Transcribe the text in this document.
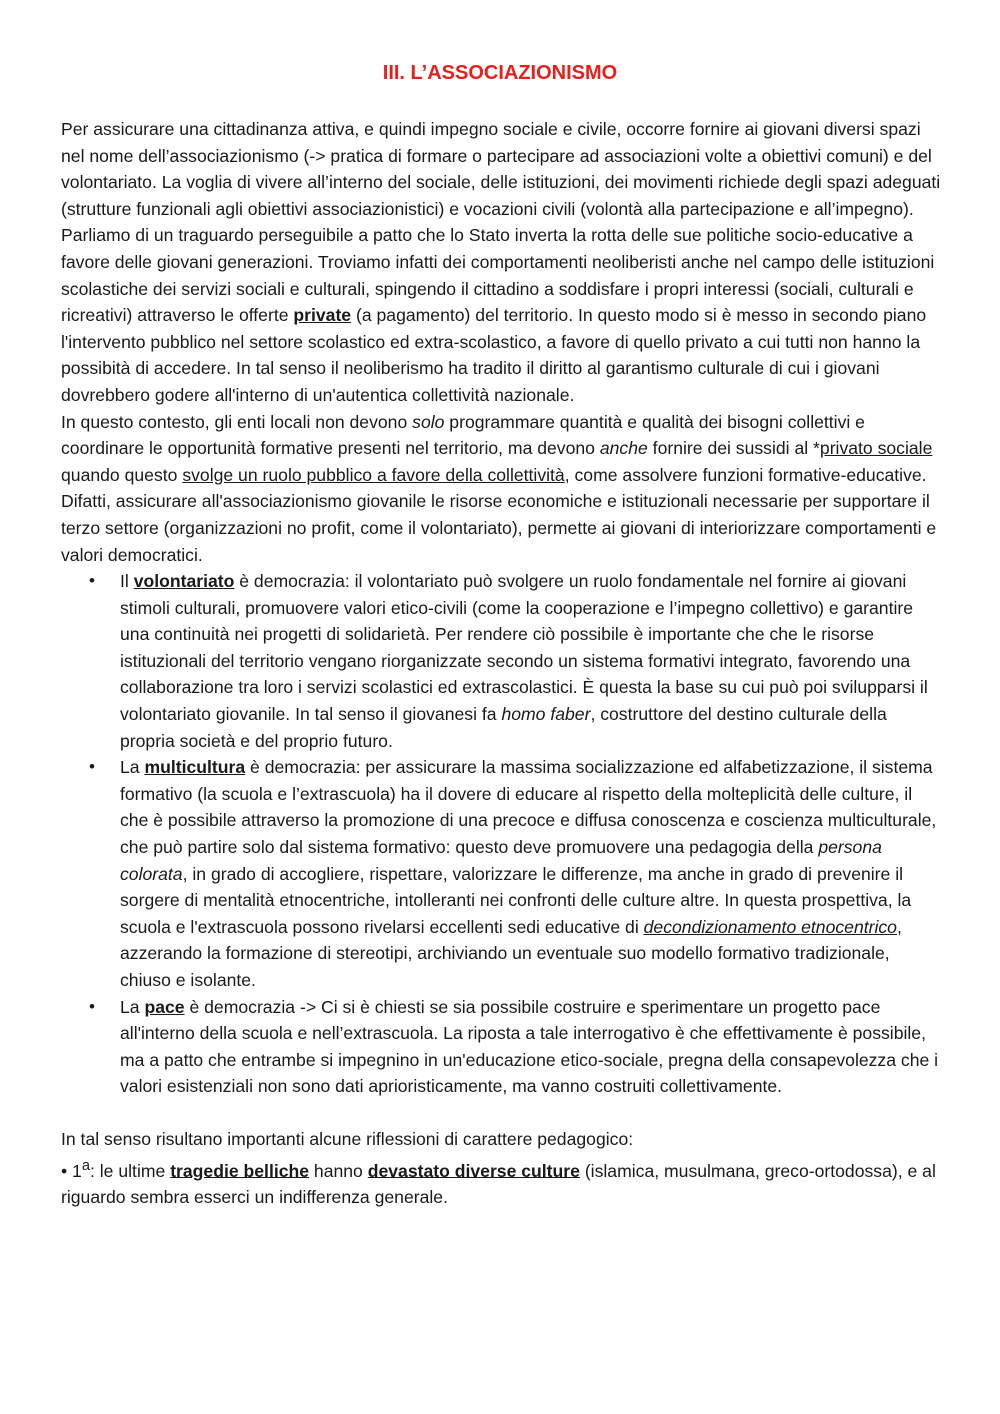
III. L’ASSOCIAZIONISMO

Per assicurare una cittadinanza attiva, e quindi impegno sociale e civile, occorre fornire ai giovani diversi spazi nel nome dell’associazionismo (-> pratica di formare o partecipare ad associazioni volte a obiettivi comuni) e del volontariato. La voglia di vivere all’interno del sociale, delle istituzioni, dei movimenti richiede degli spazi adeguati (strutture funzionali agli obiettivi associazionistici) e vocazioni civili (volontà alla partecipazione e all’impegno). Parliamo di un traguardo perseguibile a patto che lo Stato inverta la rotta delle sue politiche socio-educative a favore delle giovani generazioni. Troviamo infatti dei comportamenti neoliberisti anche nel campo delle istituzioni scolastiche dei servizi sociali e culturali, spingendo il cittadino a soddisfare i propri interessi (sociali, culturali e ricreativi) attraverso le offerte private (a pagamento) del territorio. In questo modo si è messo in secondo piano l'intervento pubblico nel settore scolastico ed extra-scolastico, a favore di quello privato a cui tutti non hanno la possibità di accedere. In tal senso il neoliberismo ha tradito il diritto al garantismo culturale di cui i giovani dovrebbero godere all'interno di un'autentica collettività nazionale.

In questo contesto, gli enti locali non devono solo programmare quantità e qualità dei bisogni collettivi e coordinare le opportunità formative presenti nel territorio, ma devono anche fornire dei sussidi al *privato sociale quando questo svolge un ruolo pubblico a favore della collettività, come assolvere funzioni formative-educative. Difatti, assicurare all'associazionismo giovanile le risorse economiche e istituzionali necessarie per supportare il terzo settore (organizzazioni no profit, come il volontariato), permette ai giovani di interiorizzare comportamenti e valori democratici.

• Il volontariato è democrazia: il volontariato può svolgere un ruolo fondamentale nel fornire ai giovani stimoli culturali, promuovere valori etico-civili (come la cooperazione e l’impegno collettivo) e garantire una continuità nei progetti di solidarietà. Per rendere ciò possibile è importante che che le risorse istituzionali del territorio vengano riorganizzate secondo un sistema formativi integrato, favorendo una collaborazione tra loro i servizi scolastici ed extrascolastici. È questa la base su cui può poi svilupparsi il volontariato giovanile. In tal senso il giovanesi fa homo faber, costruttore del destino culturale della propria società e del proprio futuro.
• La multicultura è democrazia: per assicurare la massima socializzazione ed alfabetizzazione, il sistema formativo (la scuola e l’extrascuola) ha il dovere di educare al rispetto della molteplicità delle culture, il che è possibile attraverso la promozione di una precoce e diffusa conoscenza e coscienza multiculturale, che può partire solo dal sistema formativo: questo deve promuovere una pedagogia della persona colorata, in grado di accogliere, rispettare, valorizzare le differenze, ma anche in grado di prevenire il sorgere di mentalità etnocentriche, intolleranti nei confronti delle culture altre. In questa prospettiva, la scuola e l'extrascuola possono rivelarsi eccellenti sedi educative di decondizionamento etnocentrico, azzerando la formazione di stereotipi, archiviando un eventuale suo modello formativo tradizionale, chiuso e isolante.
• La pace è democrazia -> Ci si è chiesti se sia possibile costruire e sperimentare un progetto pace all'interno della scuola e nell’extrascuola. La riposta a tale interrogativo è che effettivamente è possibile, ma a patto che entrambe si impegnino in un'educazione etico-sociale, pregna della consapevolezza che i valori esistenziali non sono dati aprioristicamente, ma vanno costruiti collettivamente.

In tal senso risultano importanti alcune riflessioni di carattere pedagogico:

• 1$^a$: le ultime tragedie belliche hanno devastato diverse culture (islamica, musulmana, greco-ortodossa), e al riguardo sembra esserci un indifferenza generale.
